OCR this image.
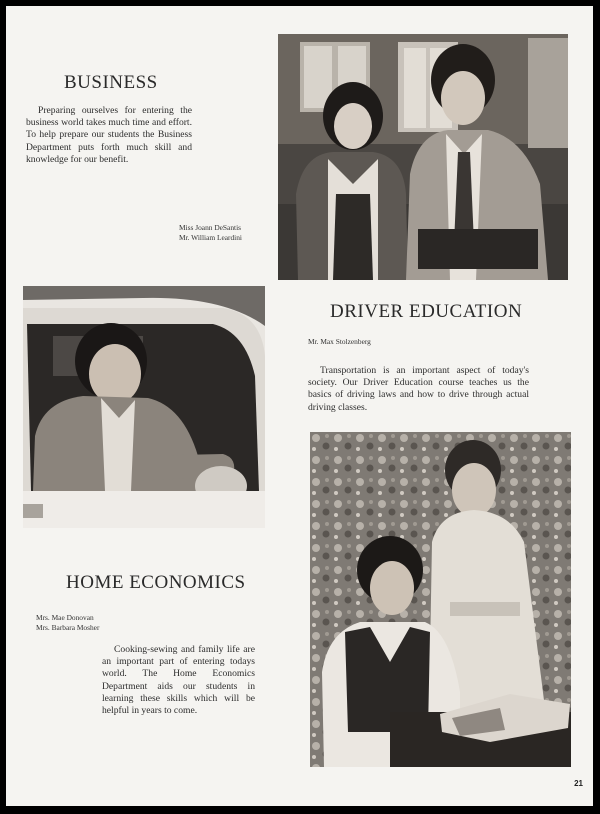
BUSINESS
Preparing ourselves for entering the business world takes much time and effort. To help prepare our students the Business Department puts forth much skill and knowledge for our benefit.
Miss Joann DeSantis
Mr. William Leardini
DRIVER EDUCATION
Mr. Max Stolzenberg
Transportation is an important aspect of today's society. Our Driver Education course teaches us the basics of driving laws and how to drive through actual driving classes.
HOME ECONOMICS
Mrs. Mae Donovan
Mrs. Barbara Mosher
Cooking-sewing and family life are an important part of entering todays world. The Home Economics Department aids our students in learning these skills which will be helpful in years to come.
21
